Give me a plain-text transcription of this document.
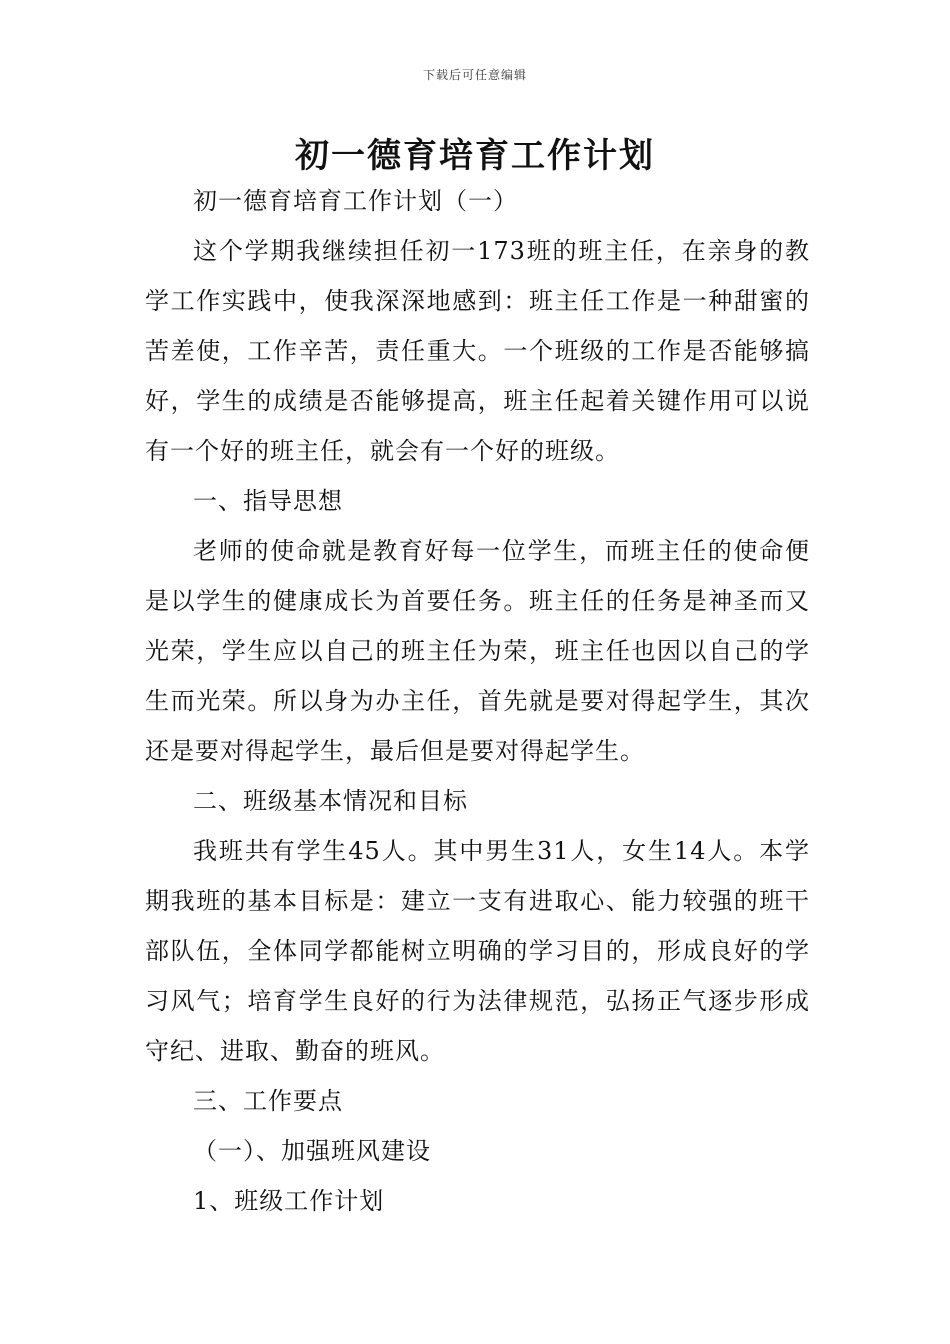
下载后可任意编辑
初一德育培育工作计划

初一德育培育工作计划（一）

这个学期我继续担任初一173班的班主任，在亲身的教学工作实践中，使我深深地感到：班主任工作是一种甜蜜的苦差使，工作辛苦，责任重大。一个班级的工作是否能够搞好，学生的成绩是否能够提高，班主任起着关键作用可以说有一个好的班主任，就会有一个好的班级。

一、指导思想

老师的使命就是教育好每一位学生，而班主任的使命便是以学生的健康成长为首要任务。班主任的任务是神圣而又光荣，学生应以自己的班主任为荣，班主任也因以自己的学生而光荣。所以身为办主任，首先就是要对得起学生，其次还是要对得起学生，最后但是要对得起学生。

二、班级基本情况和目标

我班共有学生45人。其中男生31人，女生14人。本学期我班的基本目标是：建立一支有进取心、能力较强的班干部队伍，全体同学都能树立明确的学习目的，形成良好的学习风气；培育学生良好的行为法律规范，弘扬正气逐步形成守纪、进取、勤奋的班风。

三、工作要点

（一）、加强班风建设

1、班级工作计划
